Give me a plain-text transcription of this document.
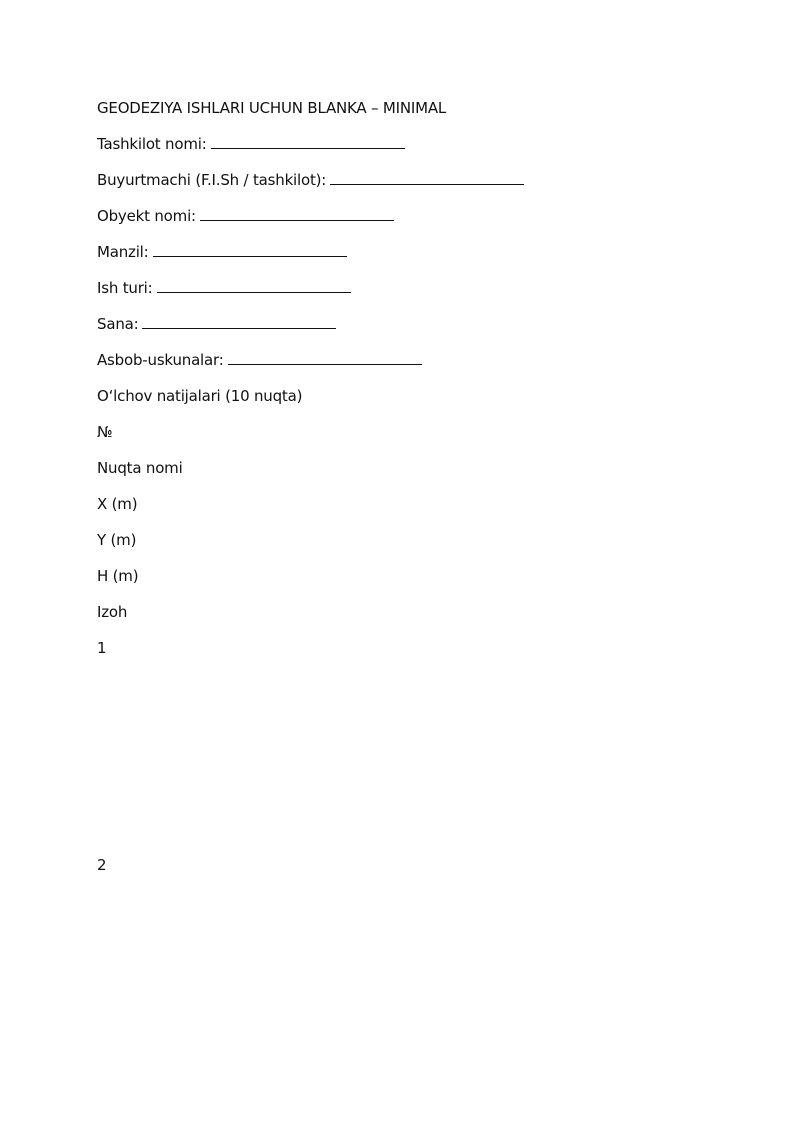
GEODEZIYA ISHLARI UCHUN BLANKA – MINIMAL
Tashkilot nomi:
Buyurtmachi (F.I.Sh / tashkilot):
Obyekt nomi:
Manzil:
Ish turi:
Sana:
Asbob-uskunalar:
O‘lchov natijalari (10 nuqta)
№
Nuqta nomi
X (m)
Y (m)
H (m)
Izoh
1
2
